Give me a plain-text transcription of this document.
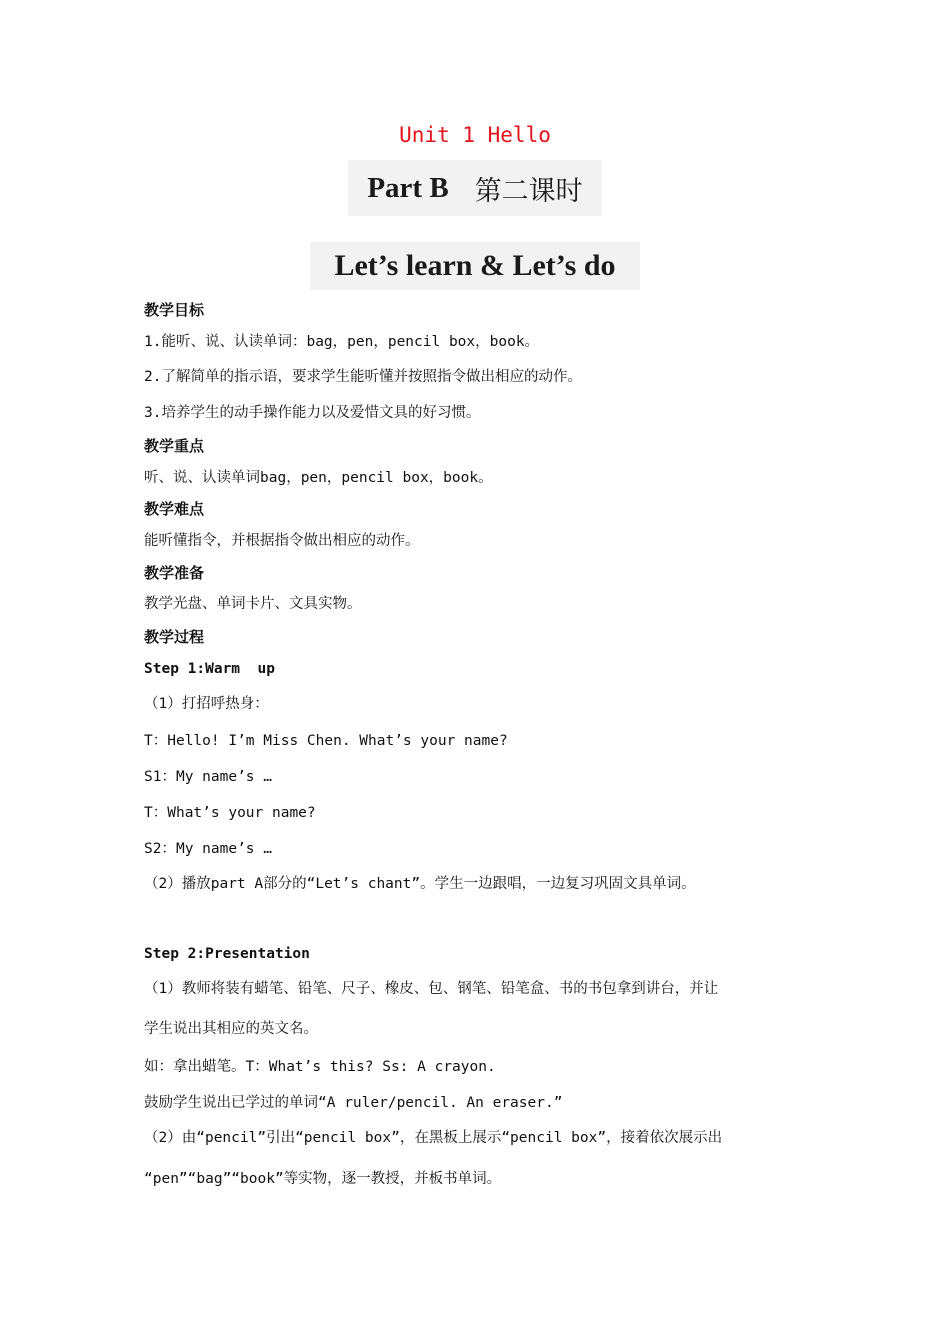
Unit 1 Hello
Part B 第二课时
Let’s learn & Let’s do
教学目标
1.能听、说、认读单词：bag，pen，pencil box，book。
2.了解简单的指示语，要求学生能听懂并按照指令做出相应的动作。
3.培养学生的动手操作能力以及爱惜文具的好习惯。
教学重点
听、说、认读单词bag，pen，pencil box，book。
教学难点
能听懂指令，并根据指令做出相应的动作。
教学准备
教学光盘、单词卡片、文具实物。
教学过程
Step 1:Warm  up
（1）打招呼热身：
T：Hello! I’m Miss Chen. What’s your name?
S1：My name’s …
T：What’s your name?
S2：My name’s …
（2）播放part A部分的“Let’s chant”。学生一边跟唱，一边复习巩固文具单词。
Step 2:Presentation
（1）教师将装有蜡笔、铅笔、尺子、橡皮、包、钢笔、铅笔盒、书的书包拿到讲台，并让
学生说出其相应的英文名。
如：拿出蜡笔。T：What’s this? Ss: A crayon.
鼓励学生说出已学过的单词“A ruler/pencil. An eraser.”
（2）由“pencil”引出“pencil box”，在黑板上展示“pencil box”，接着依次展示出
“pen”“bag”“book”等实物，逐一教授，并板书单词。
